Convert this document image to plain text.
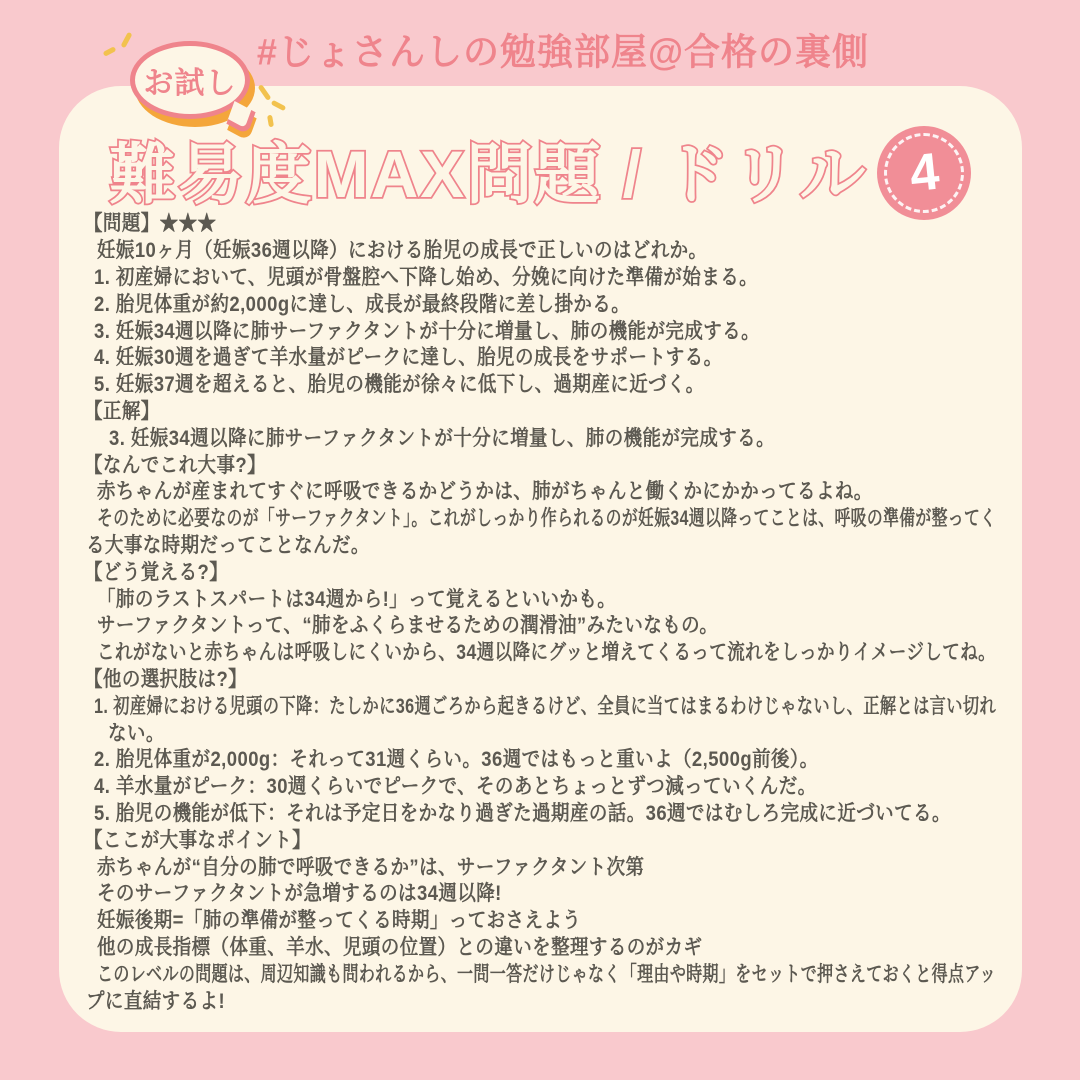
#じょさんしの勉強部屋@合格の裏側
難易度MAX問題 / ドリル 4
【問題】★★★
妊娠10ヶ月（妊娠36週以降）における胎児の成長で正しいのはどれか。
1. 初産婦において、児頭が骨盤腔へ下降し始め、分娩に向けた準備が始まる。
2. 胎児体重が約2,000gに達し、成長が最終段階に差し掛かる。
3. 妊娠34週以降に肺サーファクタントが十分に増量し、肺の機能が完成する。
4. 妊娠30週を過ぎて羊水量がピークに達し、胎児の成長をサポートする。
5. 妊娠37週を超えると、胎児の機能が徐々に低下し、過期産に近づく。
【正解】
3. 妊娠34週以降に肺サーファクタントが十分に増量し、肺の機能が完成する。
【なんでこれ大事?】
赤ちゃんが産まれてすぐに呼吸できるかどうかは、肺がちゃんと働くかにかかってるよね。
そのために必要なのが「サーファクタント」。これがしっかり作られるのが妊娠34週以降ってことは、呼吸の準備が整ってく
る大事な時期だってことなんだ。
【どう覚える?】
「肺のラストスパートは34週から!」って覚えるといいかも。
サーファクタントって、“肺をふくらませるための潤滑油”みたいなもの。
これがないと赤ちゃんは呼吸しにくいから、34週以降にグッと増えてくるって流れをしっかりイメージしてね。
【他の選択肢は?】
1. 初産婦における児頭の下降：たしかに36週ごろから起きるけど、全員に当てはまるわけじゃないし、正解とは言い切れ
ない。
2. 胎児体重が2,000g：それって31週くらい。36週ではもっと重いよ（2,500g前後）。
4. 羊水量がピーク：30週くらいでピークで、そのあとちょっとずつ減っていくんだ。
5. 胎児の機能が低下：それは予定日をかなり過ぎた過期産の話。36週ではむしろ完成に近づいてる。
【ここが大事なポイント】
赤ちゃんが“自分の肺で呼吸できるか”は、サーファクタント次第
そのサーファクタントが急増するのは34週以降!
妊娠後期=「肺の準備が整ってくる時期」っておさえよう
他の成長指標（体重、羊水、児頭の位置）との違いを整理するのがカギ
このレベルの問題は、周辺知識も問われるから、一問一答だけじゃなく「理由や時期」をセットで押さえておくと得点アッ
プに直結するよ!
お試し
